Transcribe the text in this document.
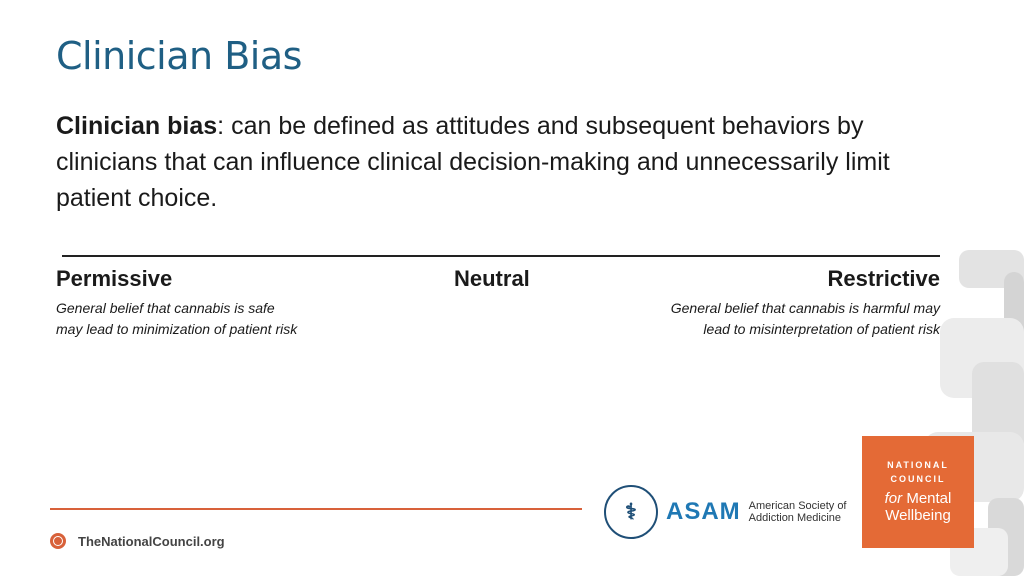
Clinician Bias
Clinician bias: can be defined as attitudes and subsequent behaviors by clinicians that can influence clinical decision-making and unnecessarily limit patient choice.
Permissive	Neutral	Restrictive
General belief that cannabis is safe
may lead to minimization of patient risk
General belief that cannabis is harmful may
lead to misinterpretation of patient risk
TheNationalCouncil.org
⚕	ASAM American Society of
Addiction Medicine
NATIONAL
COUNCIL
for Mental
Wellbeing
